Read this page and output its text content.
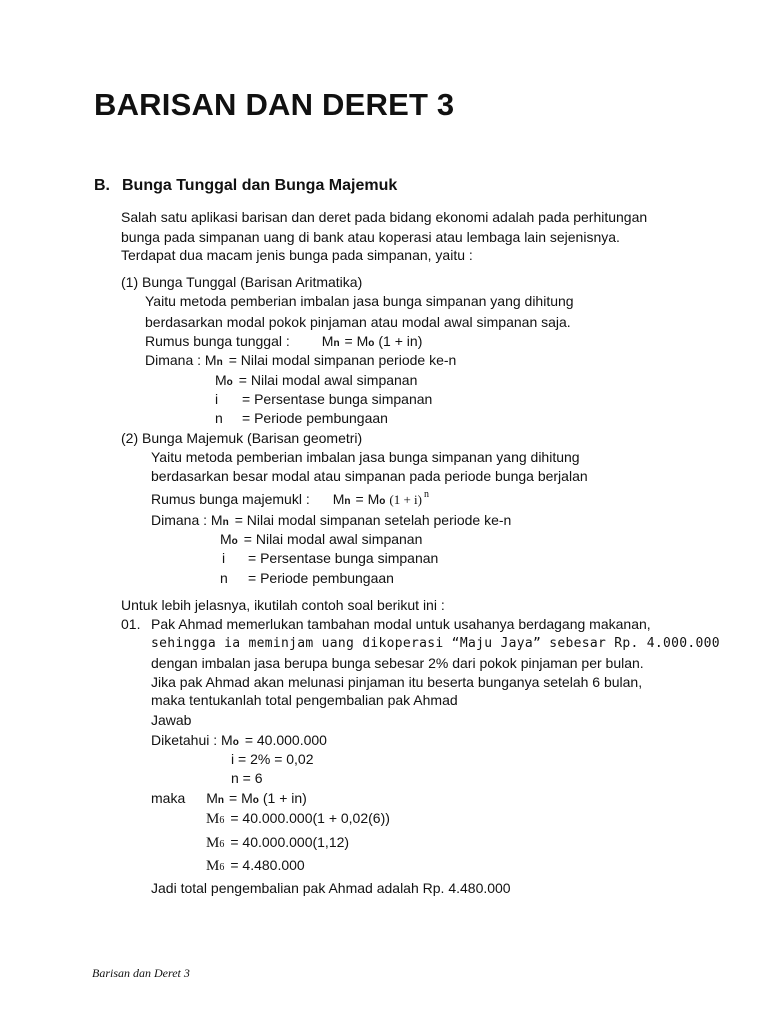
BARISAN DAN DERET 3
B. Bunga Tunggal dan Bunga Majemuk
Salah satu aplikasi barisan dan deret pada bidang ekonomi adalah pada perhitungan
bunga pada simpanan uang di bank atau koperasi atau lembaga lain sejenisnya.
Terdapat dua macam jenis bunga pada simpanan, yaitu :
(1) Bunga Tunggal (Barisan Aritmatika)
Yaitu metoda pemberian imbalan jasa bunga simpanan yang dihitung
berdasarkan modal pokok pinjaman atau modal awal simpanan saja.
Rumus bunga tunggal : $M_n = M_o$ (1 + in)
Dimana : $M_n$ = Nilai modal simpanan periode ke-n
$M_o$ = Nilai modal awal simpanan
i = Persentase bunga simpanan
n = Periode pembungaan
(2) Bunga Majemuk (Barisan geometri)
Yaitu metoda pemberian imbalan jasa bunga simpanan yang dihitung
berdasarkan besar modal atau simpanan pada periode bunga berjalan
Rumus bunga majemukl : $M_n = M_o$ (1 + i) n
Dimana : $M_n$ = Nilai modal simpanan setelah periode ke-n
$M_o$ = Nilai modal awal simpanan
i = Persentase bunga simpanan
n = Periode pembungaan
Untuk lebih jelasnya, ikutilah contoh soal berikut ini :
01. Pak Ahmad memerlukan tambahan modal untuk usahanya berdagang makanan,
sehingga ia meminjam uang dikoperasi “Maju Jaya” sebesar Rp. 4.000.000
dengan imbalan jasa berupa bunga sebesar 2% dari pokok pinjaman per bulan.
Jika pak Ahmad akan melunasi pinjaman itu beserta bunganya setelah 6 bulan,
maka tentukanlah total pengembalian pak Ahmad
Jawab
Diketahui : $M_o = 40.000.000$
i = 2% = 0,02
n = 6
maka $M_n = M_o$ (1 + in)
M 6 = 40.000.000(1 + 0,02(6))
M 6 = 40.000.000(1,12)
M 6 = 4.480.000
Jadi total pengembalian pak Ahmad adalah Rp. 4.480.000
Barisan dan Deret 3
